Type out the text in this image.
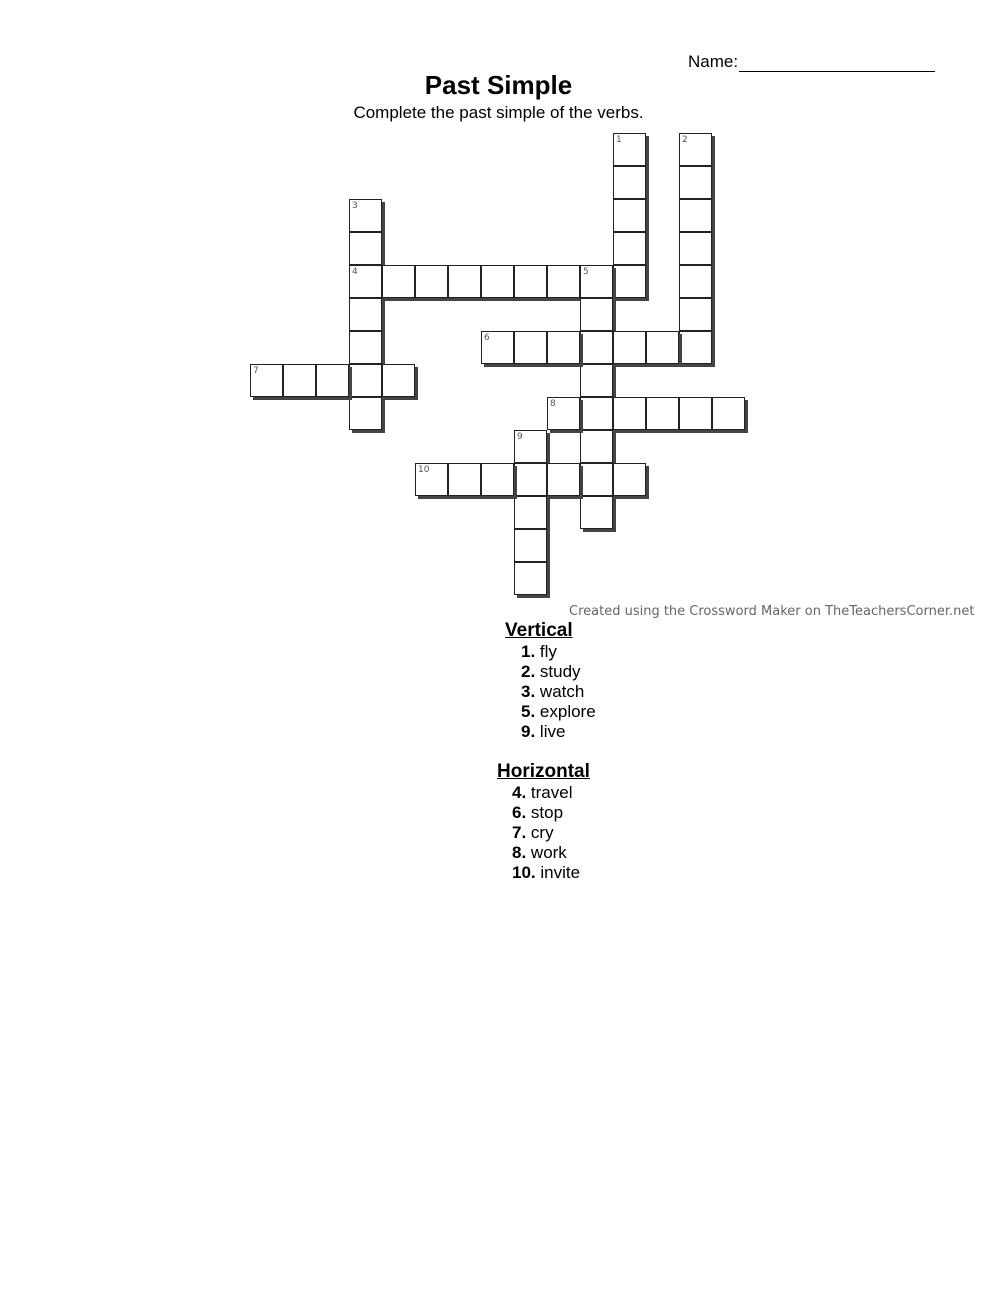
Name:
Past Simple
Complete the past simple of the verbs.
1	2
3
4	5
6
7
8
9
10
Created using the Crossword Maker on TheTeachersCorner.net
Vertical
1. fly
2. study
3. watch
5. explore
9. live
Horizontal
4. travel
6. stop
7. cry
8. work
10. invite
